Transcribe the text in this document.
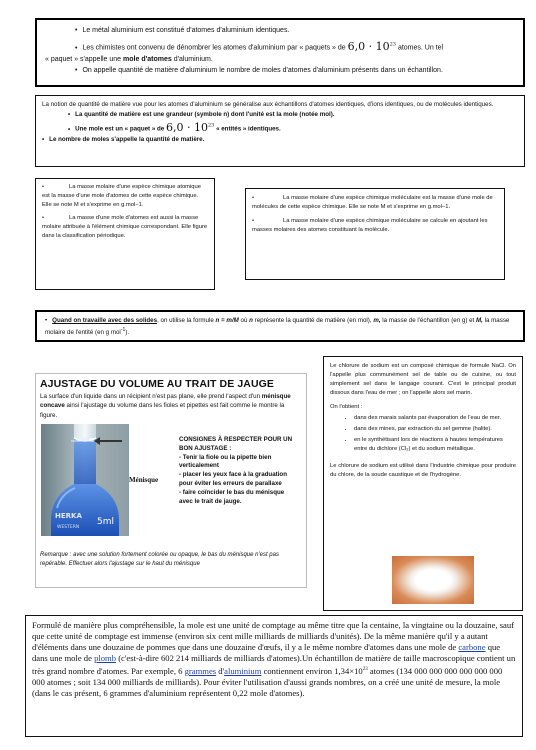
• Le métal aluminium est constitué d'atomes d'aluminium identiques.

• Les chimistes ont convenu de dénombrer les atomes d'aluminium par « paquets » de $6,0 \cdot 10^{23}$ atomes. Un tel

« paquet » s'appelle une mole d'atomes d'aluminium.

• On appelle quantité de matière d'aluminium le nombre de moles d'atomes d'aluminium présents dans un échantillon.

La notion de quantité de matière vue pour les atomes d'aluminium se généralise aux échantillons d'atomes identiques, d'ions identiques, ou de molécules identiques.

• La quantité de matière est une grandeur (symbole n) dont l'unité est la mole (notée mol).

• Une mole est un « paquet » de $6,0 \cdot 10^{23}$ « entités » identiques.

• Le nombre de moles s'appelle la quantité de matière.

• La masse molaire d'une espèce chimique atomique est la masse d'une mole d'atomes de cette espèce chimique. Elle se note M et s'exprime en g.mol−1.

• La masse d'une mole d'atomes est aussi la masse molaire attribuée à l'élément chimique correspondant. Elle figure dans la classification périodique.

• La masse molaire d'une espèce chimique moléculaire est la masse d'une mole de molécules de cette espèce chimique. Elle se note M et s'exprime en g.mol−1.

• La masse molaire d'une espèce chimique moléculaire se calcule en ajoutant les masses molaires des atomes constituant la molécule.

• Quand on travaille avec des solides, on utilise la formule n = m/M où n représente la quantité de matière (en mol), m, la masse de l'échantillon (en g) et M, la masse molaire de l'entité (en g mol$^{-1}$).

AJUSTAGE DU VOLUME AU TRAIT DE JAUGE

La surface d'un liquide dans un récipient n'est pas plane, elle prend l'aspect d'un ménisque concave ainsi l'ajustage du volume dans les fioles et pipettes est fait comme le montre la figure.

HERKA
5ml
WESTERN
Ménisque

CONSIGNES À RESPECTER POUR UN BON AJUSTAGE :

- Tenir la fiole ou la pipette bien verticalement

- placer les yeux face à la graduation pour éviter les erreurs de parallaxe

- faire coïncider le bas du ménisque avec le trait de jauge.

Remarque : avec une solution fortement colorée ou opaque, le bas du ménisque n'est pas repérable. Effectuer alors l'ajustage sur le haut du ménisque

Le chlorure de sodium est un composé chimique de formule NaCl. On l'appelle plus communément sel de table ou de cuisine, ou tout simplement sel dans le langage courant. C'est le principal produit dissous dans l'eau de mer ; on l'appelle alors sel marin.

On l'obtient :

• dans des marais salants par évaporation de l'eau de mer.
• dans des mines, par extraction du sel gemme (halite).
• en le synthétisant lors de réactions à hautes températures entre du dichlore (Cl₂) et du sodium métallique.

Le chlorure de sodium est utilisé dans l'industrie chimique pour produire du chlore, de la soude caustique et de l'hydrogène.

Formulé de manière plus compréhensible, la mole est une unité de comptage au même titre que la centaine, la vingtaine ou la douzaine, sauf que cette unité de comptage est immense (environ six cent mille milliards de milliards d'unités). De la même manière qu'il y a autant d'éléments dans une douzaine de pommes que dans une douzaine d'œufs, il y a le même nombre d'atomes dans une mole de carbone que dans une mole de plomb (c'est-à-dire 602 214 milliards de milliards d'atomes).Un échantillon de matière de taille macroscopique contient un très grand nombre d'atomes. Par exemple, 6 grammes d'aluminium contiennent environ $1,34\times 10^{23}$ atomes (134 000 000 000 000 000 000 000 atomes ; soit 134 000 milliards de milliards). Pour éviter l'utilisation d'aussi grands nombres, on a créé une unité de mesure, la mole (dans le cas présent, 6 grammes d'aluminium représentent 0,22 mole d'atomes).
